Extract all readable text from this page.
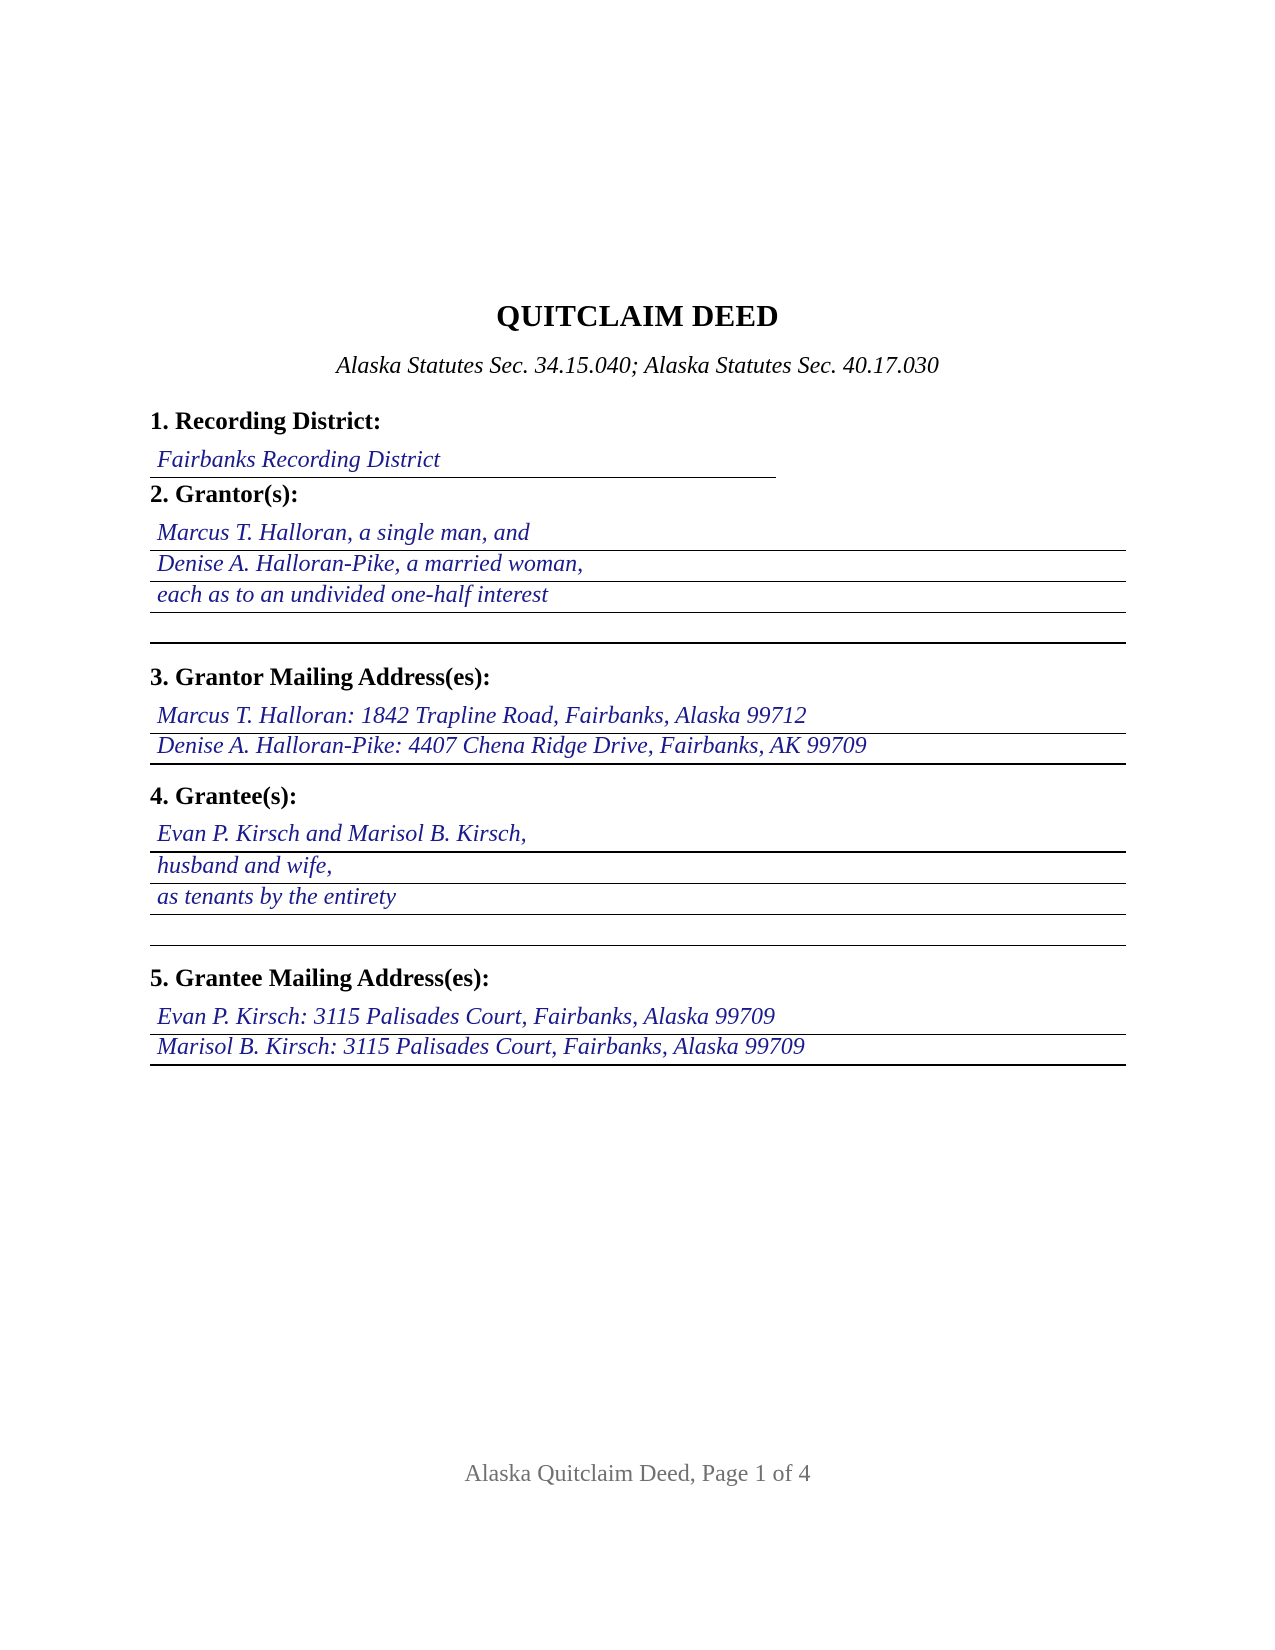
QUITCLAIM DEED
Alaska Statutes Sec. 34.15.040; Alaska Statutes Sec. 40.17.030
1. Recording District:
Fairbanks Recording District
2. Grantor(s):
Marcus T. Halloran, a single man, and
Denise A. Halloran-Pike, a married woman,
each as to an undivided one-half interest
3. Grantor Mailing Address(es):
Marcus T. Halloran: 1842 Trapline Road, Fairbanks, Alaska 99712
Denise A. Halloran-Pike: 4407 Chena Ridge Drive, Fairbanks, AK 99709
4. Grantee(s):
Evan P. Kirsch and Marisol B. Kirsch,
husband and wife,
as tenants by the entirety
5. Grantee Mailing Address(es):
Evan P. Kirsch: 3115 Palisades Court, Fairbanks, Alaska 99709
Marisol B. Kirsch: 3115 Palisades Court, Fairbanks, Alaska 99709
Alaska Quitclaim Deed, Page 1 of 4
